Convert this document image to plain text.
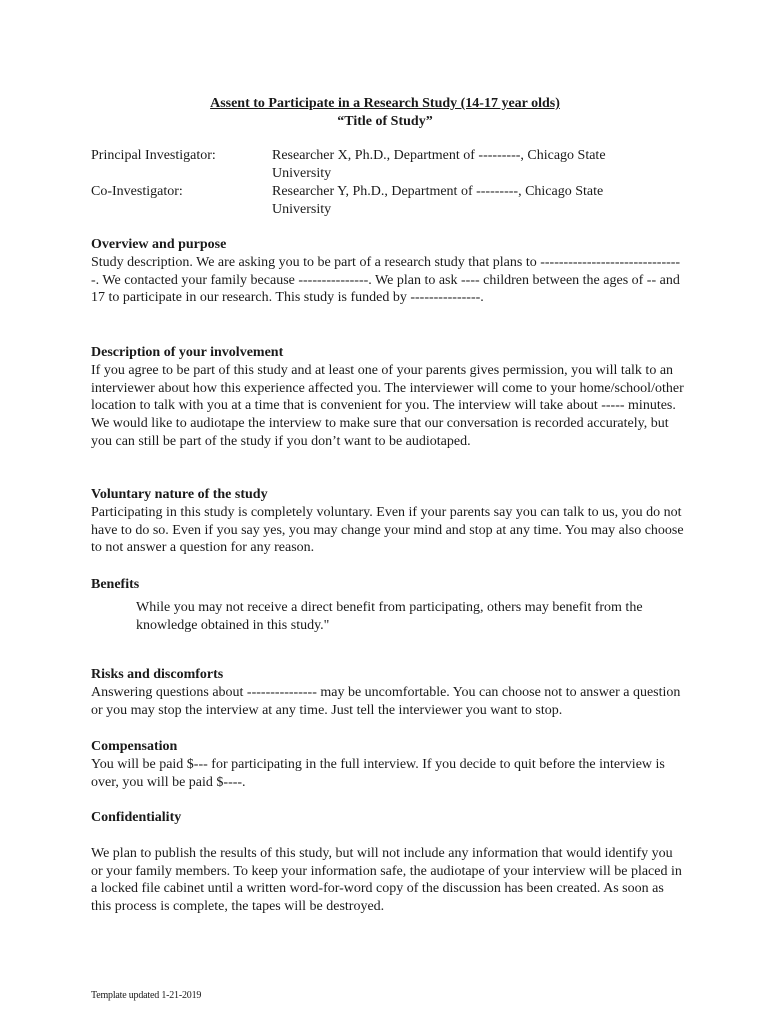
Assent to Participate in a Research Study (14-17 year olds)
“Title of Study”
Principal Investigator:	Researcher X, Ph.D., Department of ---------, Chicago State University
Co-Investigator:	Researcher Y, Ph.D., Department of ---------, Chicago State University

Overview and purpose

Study description. We are asking you to be part of a research study that plans to -------------------------------. We contacted your family because ---------------. We plan to ask ---- children between the ages of -- and 17 to participate in our research. This study is funded by ---------------.

Description of your involvement

If you agree to be part of this study and at least one of your parents gives permission, you will talk to an interviewer about how this experience affected you. The interviewer will come to your home/school/other location to talk with you at a time that is convenient for you. The interview will take about ----- minutes. We would like to audiotape the interview to make sure that our conversation is recorded accurately, but you can still be part of the study if you don’t want to be audiotaped.

Voluntary nature of the study

Participating in this study is completely voluntary. Even if your parents say you can talk to us, you do not have to do so. Even if you say yes, you may change your mind and stop at any time. You may also choose to not answer a question for any reason.

Benefits

While you may not receive a direct benefit from participating, others may benefit from the knowledge obtained in this study."

Risks and discomforts

Answering questions about --------------- may be uncomfortable. You can choose not to answer a question or you may stop the interview at any time. Just tell the interviewer you want to stop.

Compensation

You will be paid $--- for participating in the full interview. If you decide to quit before the interview is over, you will be paid $----.

Confidentiality

We plan to publish the results of this study, but will not include any information that would identify you or your family members. To keep your information safe, the audiotape of your interview will be placed in a locked file cabinet until a written word-for-word copy of the discussion has been created. As soon as this process is complete, the tapes will be destroyed.

Template updated 1-21-2019
